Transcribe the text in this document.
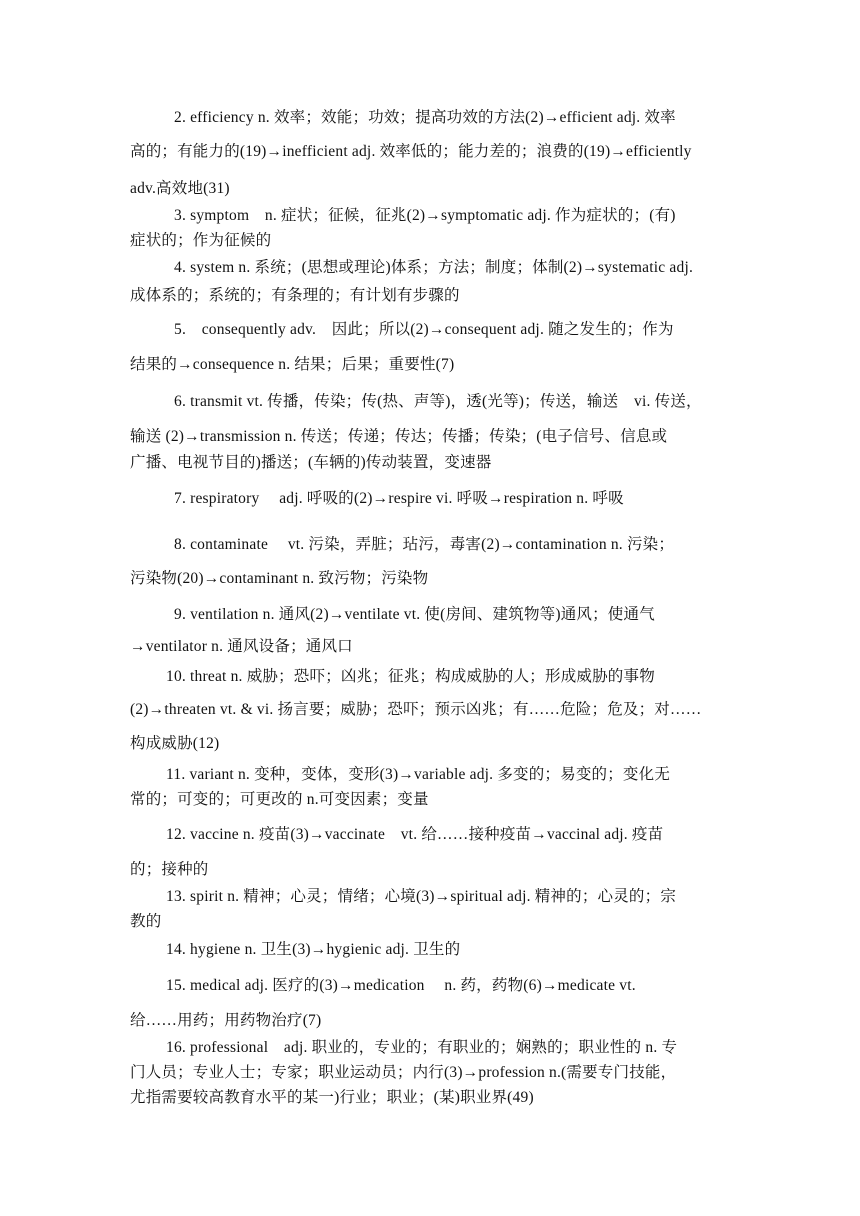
2. efficiency n. 效率；效能；功效；提高功效的方法(2)→efficient adj. 效率
高的；有能力的(19)→inefficient adj. 效率低的；能力差的；浪费的(19)→efficiently
adv.高效地(31)
3. symptom　n. 症状；征候，征兆(2)→symptomatic adj. 作为症状的；(有)
症状的；作为征候的
4. system n. 系统；(思想或理论)体系；方法；制度；体制(2)→systematic adj.
成体系的；系统的；有条理的；有计划有步骤的
5.　consequently adv.　因此；所以(2)→consequent adj. 随之发生的；作为
结果的→consequence n. 结果；后果；重要性(7)
6. transmit vt. 传播，传染；传(热、声等)，透(光等)；传送，输送　vi. 传送，
输送 (2)→transmission n. 传送；传递；传达；传播；传染；(电子信号、信息或
广播、电视节目的)播送；(车辆的)传动装置，变速器
7. respiratory　 adj. 呼吸的(2)→respire vi. 呼吸→respiration n. 呼吸
8. contaminate　 vt. 污染，弄脏；玷污，毒害(2)→contamination n. 污染；
污染物(20)→contaminant n. 致污物；污染物
9. ventilation n. 通风(2)→ventilate vt. 使(房间、建筑物等)通风；使通气
→ventilator n. 通风设备；通风口
10. threat n. 威胁；恐吓；凶兆；征兆；构成威胁的人；形成威胁的事物
(2)→threaten vt. & vi. 扬言要；威胁；恐吓；预示凶兆；有……危险；危及；对……
构成威胁(12)
11. variant n. 变种，变体，变形(3)→variable adj. 多变的；易变的；变化无
常的；可变的；可更改的 n.可变因素；变量
12. vaccine n. 疫苗(3)→vaccinate　vt. 给……接种疫苗→vaccinal adj. 疫苗
的；接种的
13. spirit n. 精神；心灵；情绪；心境(3)→spiritual adj. 精神的；心灵的；宗
教的
14. hygiene n. 卫生(3)→hygienic adj. 卫生的
15. medical adj. 医疗的(3)→medication　 n. 药，药物(6)→medicate vt.
给……用药；用药物治疗(7)
16. professional　adj. 职业的，专业的；有职业的；娴熟的；职业性的 n. 专
门人员；专业人士；专家；职业运动员；内行(3)→profession n.(需要专门技能，
尤指需要较高教育水平的某一)行业；职业；(某)职业界(49)
